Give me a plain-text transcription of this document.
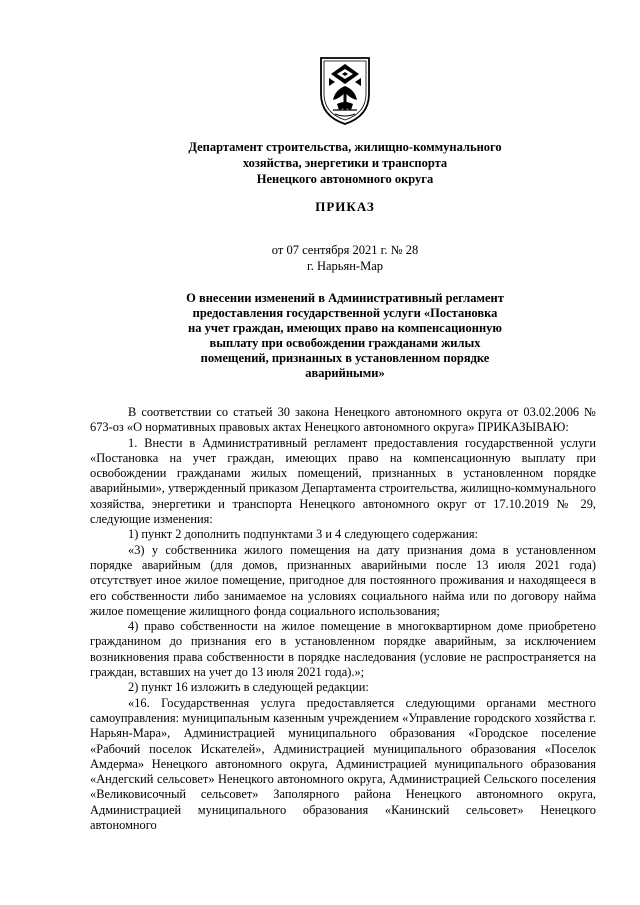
Департамент строительства, жилищно-коммунального
хозяйства, энергетики и транспорта
Ненецкого автономного округа
ПРИКАЗ
от 07 сентября 2021 г. № 28
г. Нарьян-Мар
О внесении изменений в Административный регламент
предоставления государственной услуги «Постановка
на учет граждан, имеющих право на компенсационную
выплату при освобождении гражданами жилых
помещений, признанных в установленном порядке
аварийными»

В соответствии со статьей 30 закона Ненецкого автономного округа от 03.02.2006 № 673-оз «О нормативных правовых актах Ненецкого автономного округа» ПРИКАЗЫВАЮ:

1. Внести в Административный регламент предоставления государственной услуги «Постановка на учет граждан, имеющих право на компенсационную выплату при освобождении гражданами жилых помещений, признанных в установленном порядке аварийными», утвержденный приказом Департамента строительства, жилищно-коммунального хозяйства, энергетики и транспорта Ненецкого автономного округ от 17.10.2019 № 29, следующие изменения:

1) пункт 2 дополнить подпунктами 3 и 4 следующего содержания:

«3) у собственника жилого помещения на дату признания дома в установленном порядке аварийным (для домов, признанных аварийными после 13 июля 2021 года) отсутствует иное жилое помещение, пригодное для постоянного проживания и находящееся в его собственности либо занимаемое на условиях социального найма или по договору найма жилое помещение жилищного фонда социального использования;

4) право собственности на жилое помещение в многоквартирном доме приобретено гражданином до признания его в установленном порядке аварийным, за исключением возникновения права собственности в порядке наследования (условие не распространяется на граждан, вставших на учет до 13 июля 2021 года).»;

2) пункт 16 изложить в следующей редакции:

«16. Государственная услуга предоставляется следующими органами местного самоуправления: муниципальным казенным учреждением «Управление городского хозяйства г. Нарьян-Мара», Администрацией муниципального образования «Городское поселение «Рабочий поселок Искателей», Администрацией муниципального образования «Поселок Амдерма» Ненецкого автономного округа, Администрацией муниципального образования «Андегский сельсовет» Ненецкого автономного округа, Администрацией Сельского поселения «Великовисочный сельсовет» Заполярного района Ненецкого автономного округа, Администрацией муниципального образования «Канинский сельсовет» Ненецкого автономного
